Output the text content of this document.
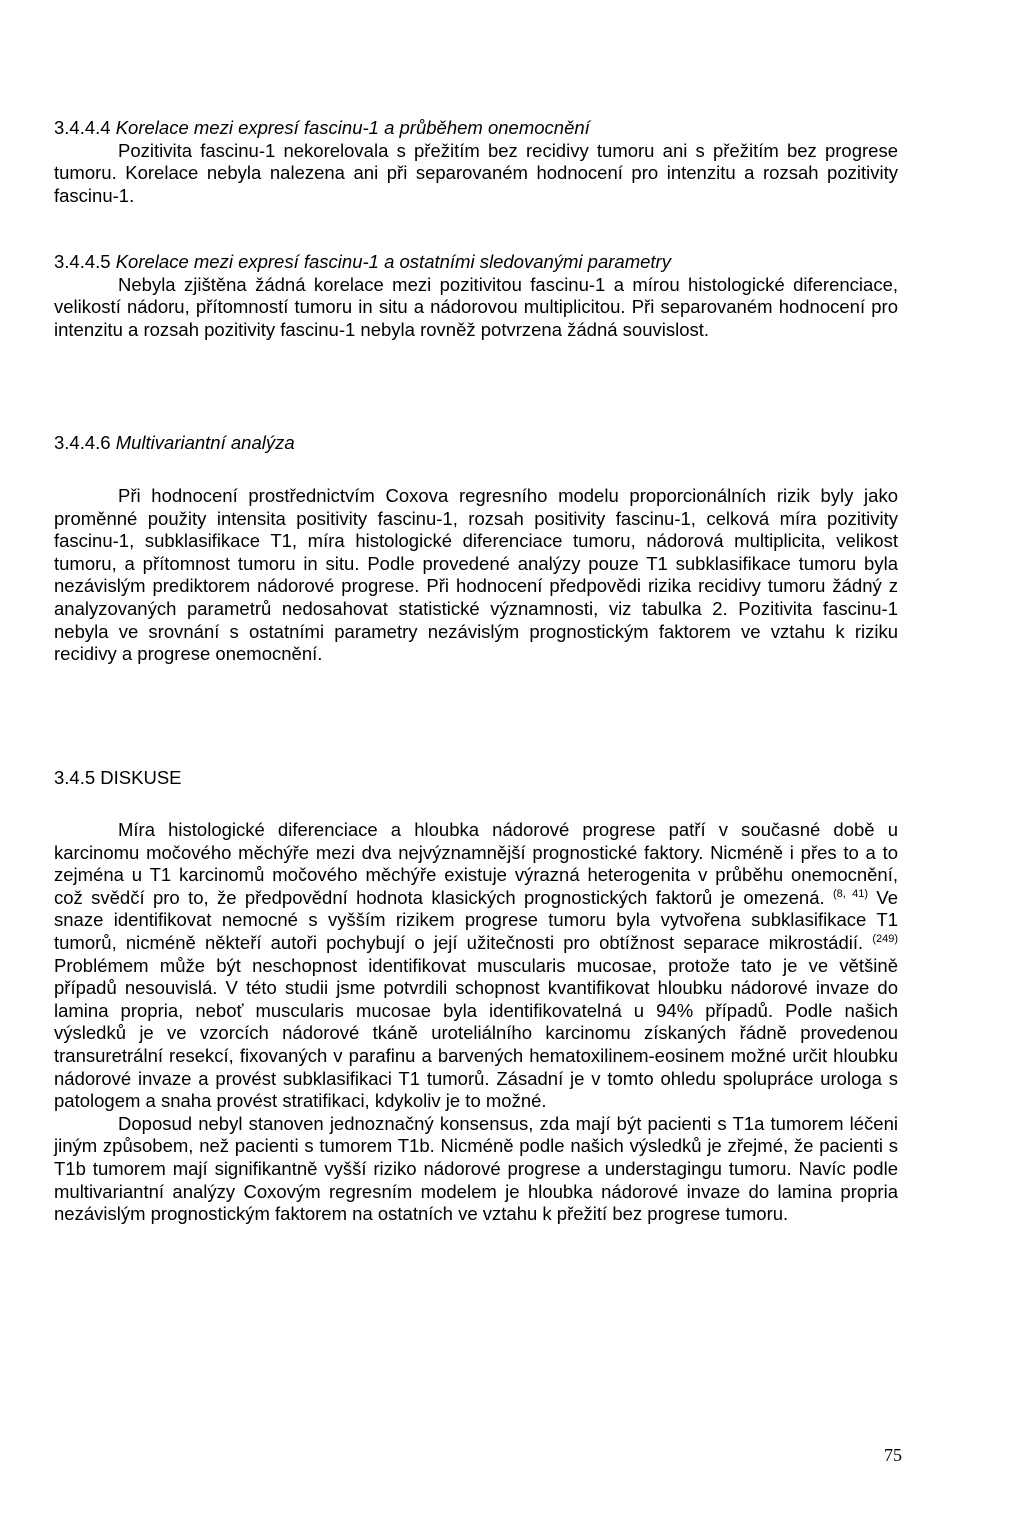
3.4.4.4 Korelace mezi expresí fascinu-1 a průběhem onemocnění

Pozitivita fascinu-1 nekorelovala s přežitím bez recidivy tumoru ani s přežitím bez progrese tumoru. Korelace nebyla nalezena ani při separovaném hodnocení pro intenzitu a rozsah pozitivity fascinu-1.

3.4.4.5 Korelace mezi expresí fascinu-1 a ostatními sledovanými parametry

Nebyla zjištěna žádná korelace mezi pozitivitou fascinu-1 a mírou histologické diferenciace, velikostí nádoru, přítomností tumoru in situ a nádorovou multiplicitou. Při separovaném hodnocení pro intenzitu a rozsah pozitivity fascinu-1 nebyla rovněž potvrzena žádná souvislost.

3.4.4.6 Multivariantní analýza

Při hodnocení prostřednictvím Coxova regresního modelu proporcionálních rizik byly jako proměnné použity intensita positivity fascinu-1, rozsah positivity fascinu-1, celková míra pozitivity fascinu-1, subklasifikace T1, míra histologické diferenciace tumoru, nádorová multiplicita, velikost tumoru, a přítomnost tumoru in situ. Podle provedené analýzy pouze T1 subklasifikace tumoru byla nezávislým prediktorem nádorové progrese. Při hodnocení předpovědi rizika recidivy tumoru žádný z analyzovaných parametrů nedosahovat statistické významnosti, viz tabulka 2. Pozitivita fascinu-1 nebyla ve srovnání s ostatními parametry nezávislým prognostickým faktorem ve vztahu k riziku recidivy a progrese onemocnění.

3.4.5 DISKUSE

Míra histologické diferenciace a hloubka nádorové progrese patří v současné době u karcinomu močového měchýře mezi dva nejvýznamnější prognostické faktory. Nicméně i přes to a to zejména u T1 karcinomů močového měchýře existuje výrazná heterogenita v průběhu onemocnění, což svědčí pro to, že předpovědní hodnota klasických prognostických faktorů je omezená. $^{(8, 41)}$ Ve snaze identifikovat nemocné s vyšším rizikem progrese tumoru byla vytvořena subklasifikace T1 tumorů, nicméně někteří autoři pochybují o její užitečnosti pro obtížnost separace mikrostádií. $^{(249)}$ Problémem může být neschopnost identifikovat muscularis mucosae, protože tato je ve většině případů nesouvislá. V této studii jsme potvrdili schopnost kvantifikovat hloubku nádorové invaze do lamina propria, neboť muscularis mucosae byla identifikovatelná u 94% případů. Podle našich výsledků je ve vzorcích nádorové tkáně uroteliálního karcinomu získaných řádně provedenou transuretrální resekcí, fixovaných v parafinu a barvených hematoxilinem-eosinem možné určit hloubku nádorové invaze a provést subklasifikaci T1 tumorů. Zásadní je v tomto ohledu spolupráce urologa s patologem a snaha provést stratifikaci, kdykoliv je to možné.

Doposud nebyl stanoven jednoznačný konsensus, zda mají být pacienti s T1a tumorem léčeni jiným způsobem, než pacienti s tumorem T1b. Nicméně podle našich výsledků je zřejmé, že pacienti s T1b tumorem mají signifikantně vyšší riziko nádorové progrese a understagingu tumoru. Navíc podle multivariantní analýzy Coxovým regresním modelem je hloubka nádorové invaze do lamina propria nezávislým prognostickým faktorem na ostatních ve vztahu k přežití bez progrese tumoru.

75
